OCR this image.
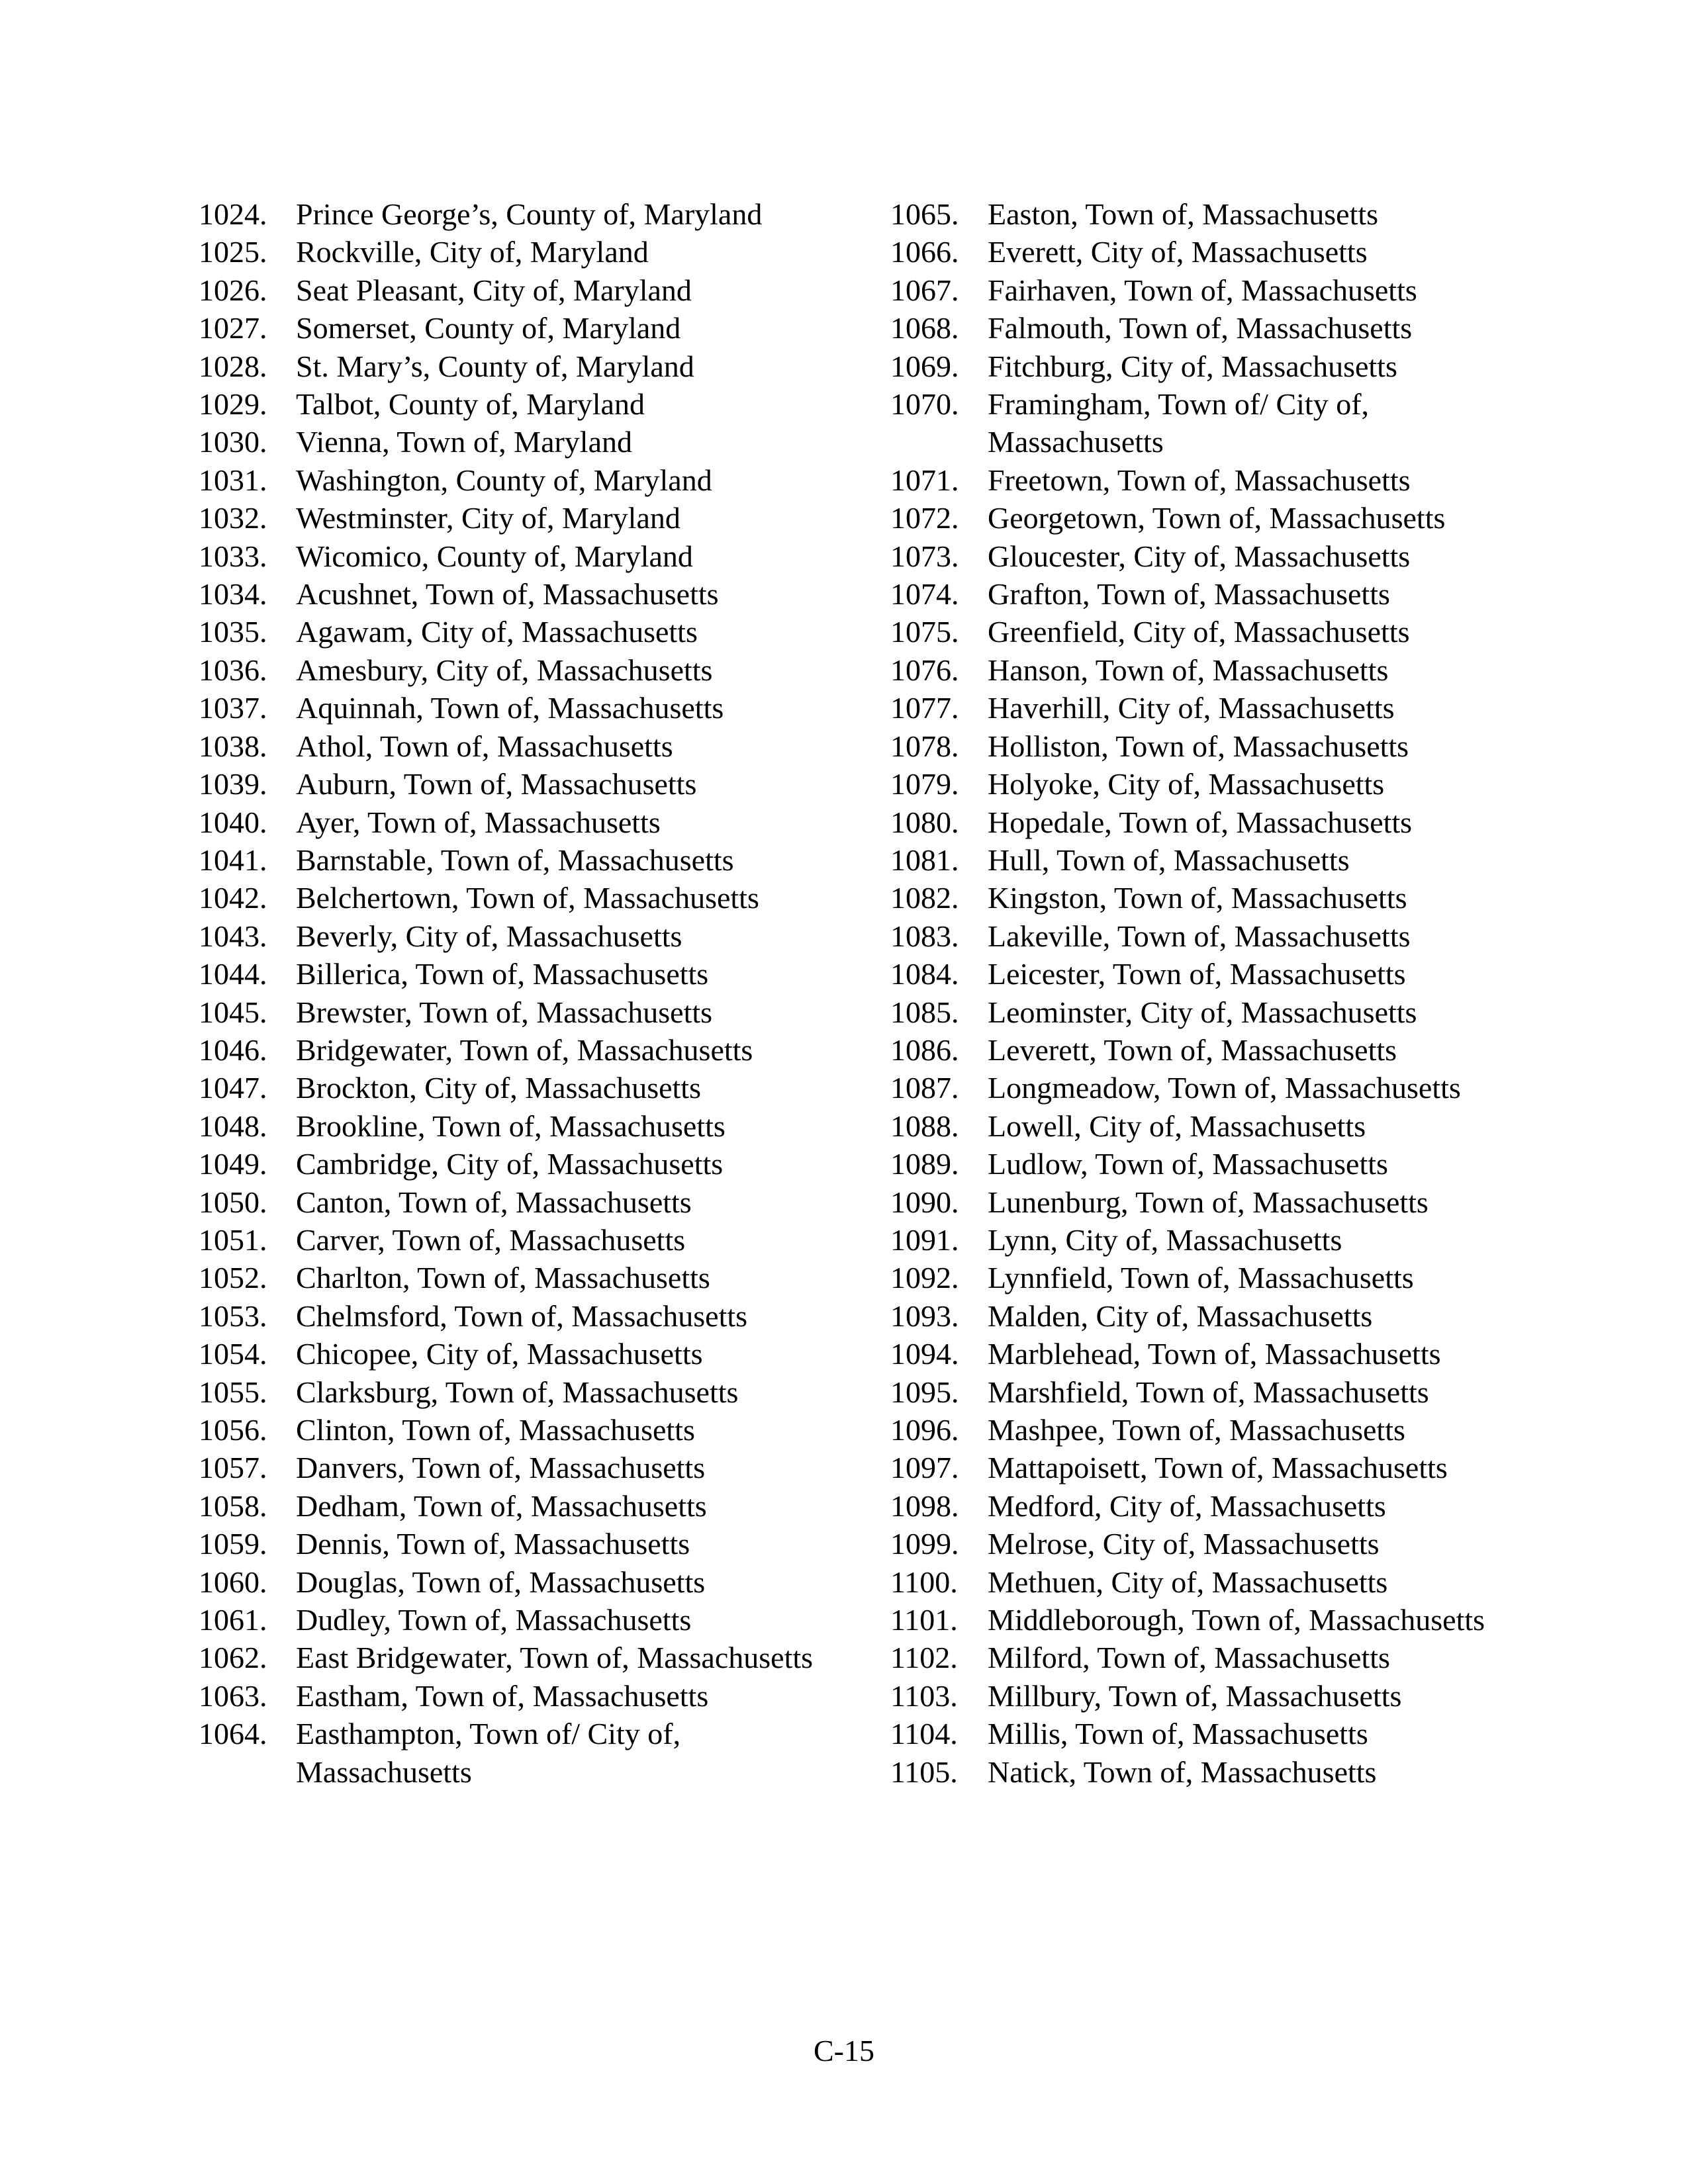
1024. Prince George’s, County of, Maryland
1025. Rockville, City of, Maryland
1026. Seat Pleasant, City of, Maryland
1027. Somerset, County of, Maryland
1028. St. Mary’s, County of, Maryland
1029. Talbot, County of, Maryland
1030. Vienna, Town of, Maryland
1031. Washington, County of, Maryland
1032. Westminster, City of, Maryland
1033. Wicomico, County of, Maryland
1034. Acushnet, Town of, Massachusetts
1035. Agawam, City of, Massachusetts
1036. Amesbury, City of, Massachusetts
1037. Aquinnah, Town of, Massachusetts
1038. Athol, Town of, Massachusetts
1039. Auburn, Town of, Massachusetts
1040. Ayer, Town of, Massachusetts
1041. Barnstable, Town of, Massachusetts
1042. Belchertown, Town of, Massachusetts
1043. Beverly, City of, Massachusetts
1044. Billerica, Town of, Massachusetts
1045. Brewster, Town of, Massachusetts
1046. Bridgewater, Town of, Massachusetts
1047. Brockton, City of, Massachusetts
1048. Brookline, Town of, Massachusetts
1049. Cambridge, City of, Massachusetts
1050. Canton, Town of, Massachusetts
1051. Carver, Town of, Massachusetts
1052. Charlton, Town of, Massachusetts
1053. Chelmsford, Town of, Massachusetts
1054. Chicopee, City of, Massachusetts
1055. Clarksburg, Town of, Massachusetts
1056. Clinton, Town of, Massachusetts
1057. Danvers, Town of, Massachusetts
1058. Dedham, Town of, Massachusetts
1059. Dennis, Town of, Massachusetts
1060. Douglas, Town of, Massachusetts
1061. Dudley, Town of, Massachusetts
1062. East Bridgewater, Town of, Massachusetts
1063. Eastham, Town of, Massachusetts
1064. Easthampton, Town of/ City of, Massachusetts
1065. Easton, Town of, Massachusetts
1066. Everett, City of, Massachusetts
1067. Fairhaven, Town of, Massachusetts
1068. Falmouth, Town of, Massachusetts
1069. Fitchburg, City of, Massachusetts
1070. Framingham, Town of/ City of, Massachusetts
1071. Freetown, Town of, Massachusetts
1072. Georgetown, Town of, Massachusetts
1073. Gloucester, City of, Massachusetts
1074. Grafton, Town of, Massachusetts
1075. Greenfield, City of, Massachusetts
1076. Hanson, Town of, Massachusetts
1077. Haverhill, City of, Massachusetts
1078. Holliston, Town of, Massachusetts
1079. Holyoke, City of, Massachusetts
1080. Hopedale, Town of, Massachusetts
1081. Hull, Town of, Massachusetts
1082. Kingston, Town of, Massachusetts
1083. Lakeville, Town of, Massachusetts
1084. Leicester, Town of, Massachusetts
1085. Leominster, City of, Massachusetts
1086. Leverett, Town of, Massachusetts
1087. Longmeadow, Town of, Massachusetts
1088. Lowell, City of, Massachusetts
1089. Ludlow, Town of, Massachusetts
1090. Lunenburg, Town of, Massachusetts
1091. Lynn, City of, Massachusetts
1092. Lynnfield, Town of, Massachusetts
1093. Malden, City of, Massachusetts
1094. Marblehead, Town of, Massachusetts
1095. Marshfield, Town of, Massachusetts
1096. Mashpee, Town of, Massachusetts
1097. Mattapoisett, Town of, Massachusetts
1098. Medford, City of, Massachusetts
1099. Melrose, City of, Massachusetts
1100. Methuen, City of, Massachusetts
1101. Middleborough, Town of, Massachusetts
1102. Milford, Town of, Massachusetts
1103. Millbury, Town of, Massachusetts
1104. Millis, Town of, Massachusetts
1105. Natick, Town of, Massachusetts
C-15
